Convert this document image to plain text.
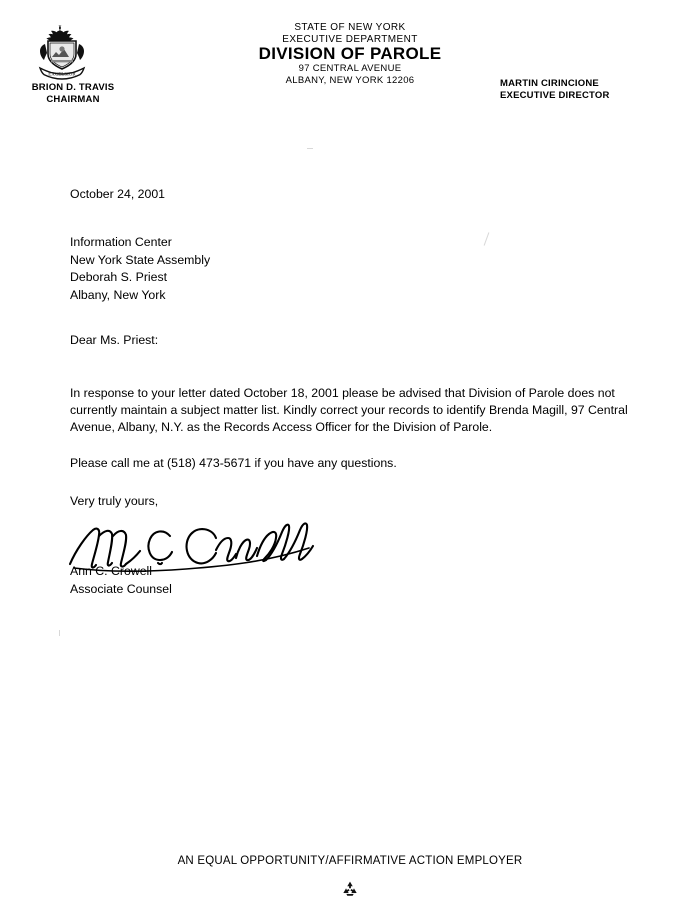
EXCELSIOR
BRION D. TRAVIS
CHAIRMAN
STATE OF NEW YORK
EXECUTIVE DEPARTMENT
DIVISION OF PAROLE
97 CENTRAL AVENUE
ALBANY, NEW YORK 12206	MARTIN CIRINCIONE
EXECUTIVE DIRECTOR
October 24, 2001
Information Center
New York State Assembly
Deborah S. Priest
Albany, New York
Dear Ms. Priest:
In response to your letter dated October 18, 2001 please be advised that Division of Parole does not currently maintain a subject matter list. Kindly correct your records to identify Brenda Magill, 97 Central Avenue, Albany, N.Y. as the Records Access Officer for the Division of Parole.
Please call me at (518) 473-5671 if you have any questions.
Very truly yours,
Ann C. Crowell
Associate Counsel
AN EQUAL OPPORTUNITY/AFFIRMATIVE ACTION EMPLOYER
